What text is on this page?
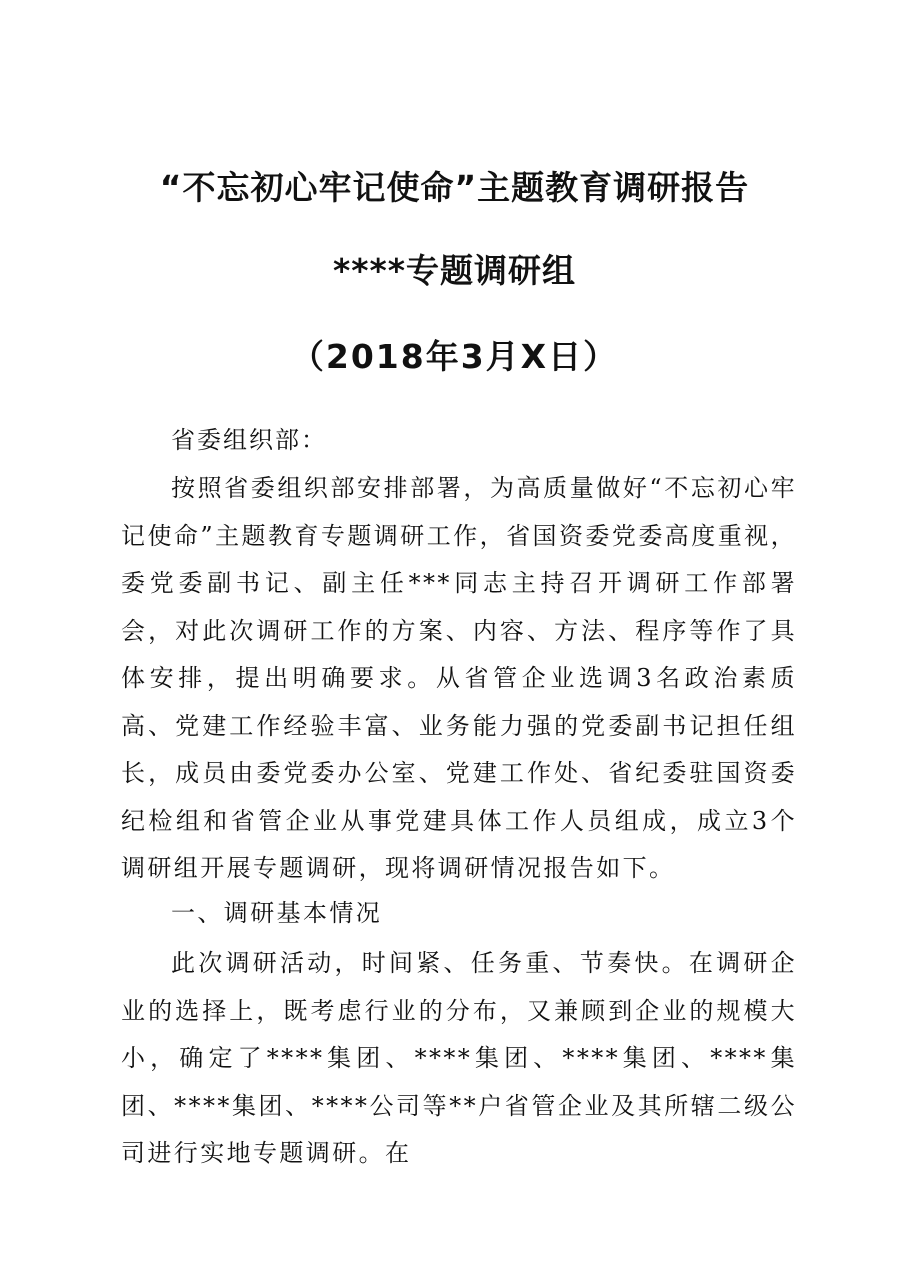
“不忘初心牢记使命”主题教育调研报告
****专题调研组
（2018年3月X日）
省委组织部：

按照省委组织部安排部署，为高质量做好“不忘初心牢记使命”主题教育专题调研工作，省国资委党委高度重视，委党委副书记、副主任***同志主持召开调研工作部署会，对此次调研工作的方案、内容、方法、程序等作了具体安排，提出明确要求。从省管企业选调3名政治素质高、党建工作经验丰富、业务能力强的党委副书记担任组长，成员由委党委办公室、党建工作处、省纪委驻国资委纪检组和省管企业从事党建具体工作人员组成，成立3个调研组开展专题调研，现将调研情况报告如下。

一、调研基本情况

此次调研活动，时间紧、任务重、节奏快。在调研企业的选择上，既考虑行业的分布，又兼顾到企业的规模大小，确定了****集团、****集团、****集团、****集团、****集团、****公司等**户省管企业及其所辖二级公司进行实地专题调研。在
